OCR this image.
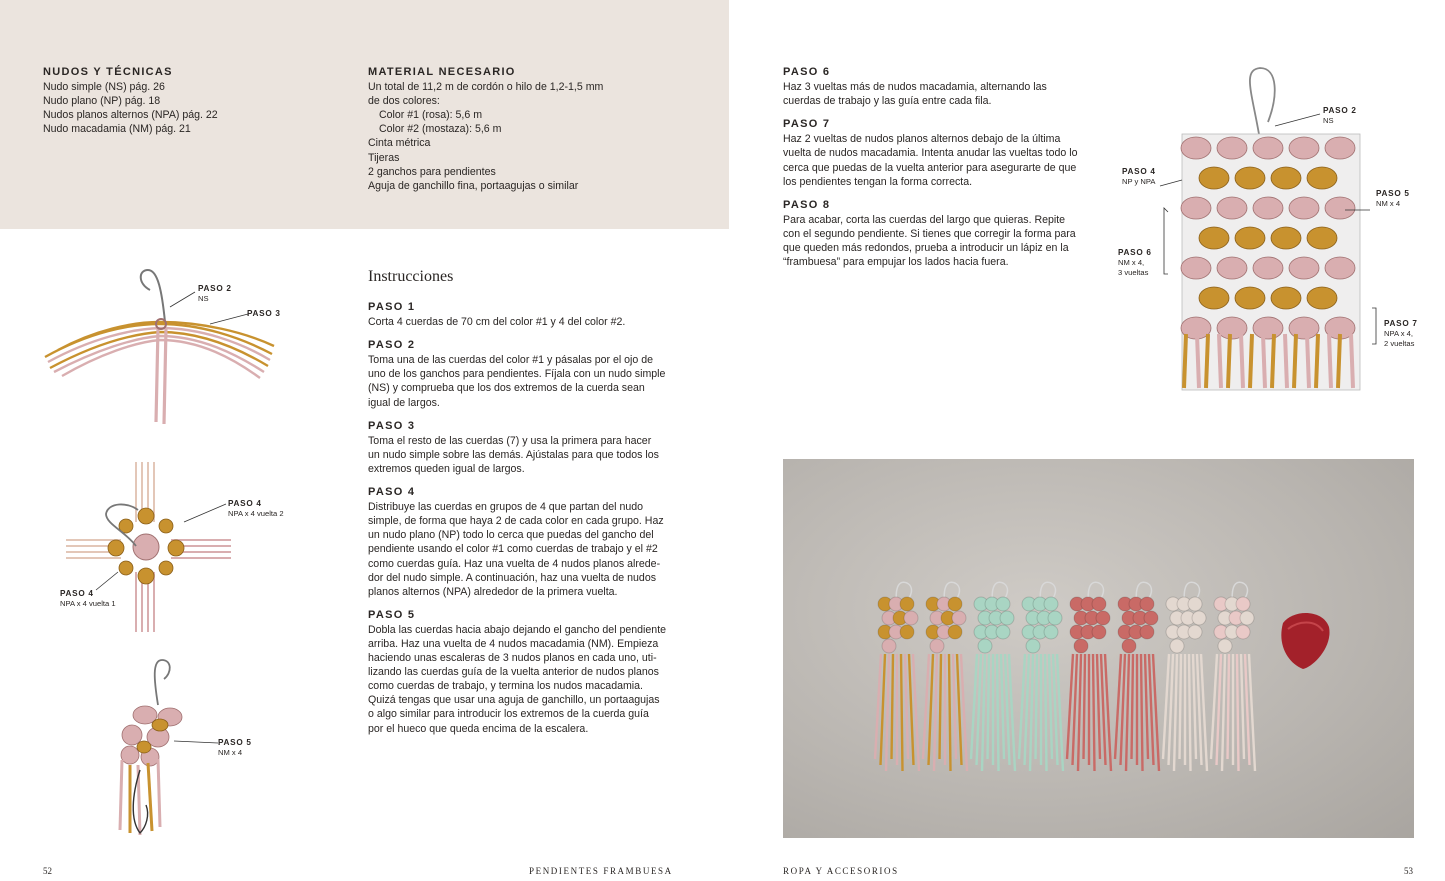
NUDOS Y TÉCNICAS
Nudo simple (NS) pág. 26
Nudo plano (NP) pág. 18
Nudos planos alternos (NPA) pág. 22
Nudo macadamia (NM) pág. 21
MATERIAL NECESARIO
Un total de 11,2 m de cordón o hilo de 1,2-1,5 mm
de dos colores:
Color #1 (rosa): 5,6 m
Color #2 (mostaza): 5,6 m
Cinta métrica
Tijeras
2 ganchos para pendientes
Aguja de ganchillo fina, portaagujas o similar
Instrucciones
PASO 1
Corta 4 cuerdas de 70 cm del color #1 y 4 del color #2.
PASO 2
Toma una de las cuerdas del color #1 y pásalas por el ojo de
uno de los ganchos para pendientes. Fíjala con un nudo simple
(NS) y comprueba que los dos extremos de la cuerda sean
igual de largos.
PASO 3
Toma el resto de las cuerdas (7) y usa la primera para hacer
un nudo simple sobre las demás. Ajústalas para que todos los
extremos queden igual de largos.
PASO 4
Distribuye las cuerdas en grupos de 4 que partan del nudo
simple, de forma que haya 2 de cada color en cada grupo. Haz
un nudo plano (NP) todo lo cerca que puedas del gancho del
pendiente usando el color #1 como cuerdas de trabajo y el #2
como cuerdas guía. Haz una vuelta de 4 nudos planos alrede-
dor del nudo simple. A continuación, haz una vuelta de nudos
planos alternos (NPA) alrededor de la primera vuelta.
PASO 5
Dobla las cuerdas hacia abajo dejando el gancho del pendiente
arriba. Haz una vuelta de 4 nudos macadamia (NM). Empieza
haciendo unas escaleras de 3 nudos planos en cada uno, uti-
lizando las cuerdas guía de la vuelta anterior de nudos planos
como cuerdas de trabajo, y termina los nudos macadamia.
Quizá tengas que usar una aguja de ganchillo, un portaagujas
o algo similar para introducir los extremos de la cuerda guía
por el hueco que queda encima de la escalera.
PASO 6
Haz 3 vueltas más de nudos macadamia, alternando las
cuerdas de trabajo y las guía entre cada fila.
PASO 7
Haz 2 vueltas de nudos planos alternos debajo de la última
vuelta de nudos macadamia. Intenta anudar las vueltas todo lo
cerca que puedas de la vuelta anterior para asegurarte de que
los pendientes tengan la forma correcta.
PASO 8
Para acabar, corta las cuerdas del largo que quieras. Repite
con el segundo pendiente. Si tienes que corregir la forma para
que queden más redondos, prueba a introducir un lápiz en la
“frambuesa” para empujar los lados hacia fuera.
PASO 2
NS
PASO 3
PASO 4
NPA x 4 vuelta 2
PASO 4
NPA x 4 vuelta 1
PASO 5
NM x 4
PASO 2
NS
PASO 4
NP y NPA
PASO 5
NM x 4
PASO 6
NM x 4,
3 vueltas
PASO 7
NPA x 4,
2 vueltas
52	PENDIENTES FRAMBUESA	ROPA Y ACCESORIOS	53
